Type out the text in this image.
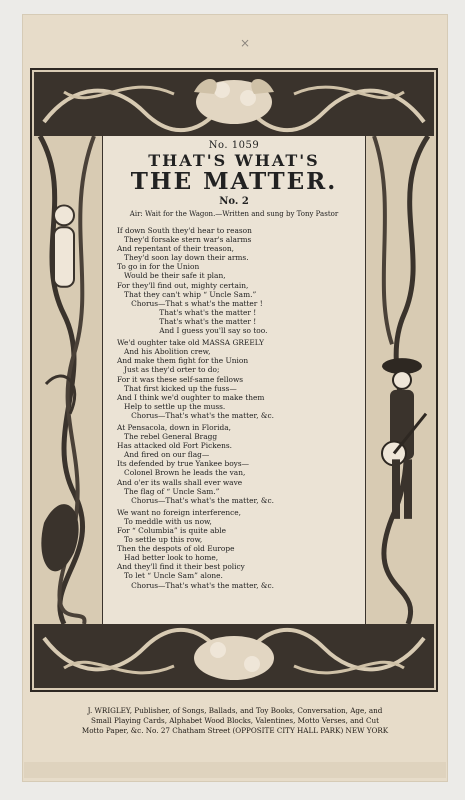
×
No. 1059
THAT'S WHAT'S
THE MATTER.
No. 2
Air: Wait for the Wagon.—Written and sung by Tony Pastor
If down South they'd hear to reason
They'd forsake stern war's alarms
And repentant of their treason,
They'd soon lay down their arms.
To go in for the Union
Would be their safe it plan,
For they'll find out, mighty certain,
That they can't whip “ Uncle Sam.”
Chorus—That s what's the matter !
That's what's the matter !
That's what's the matter !
And I guess you'll say so too.
We'd oughter take old MASSA GREELY
And his Abolition crew,
And make them fight for the Union
Just as they'd orter to do;
For it was these self-same fellows
That first kicked up the fuss—
And I think we'd oughter to make them
Help to settle up the muss.
Chorus—That's what's the matter, &c.
At Pensacola, down in Florida,
The rebel General Bragg
Has attacked old Fort Pickens.
And fired on our flag—
Its defended by true Yankee boys—
Colonel Brown he leads the van,
And o'er its walls shall ever wave
The flag of “ Uncle Sam.”
Chorus—That's what's the matter, &c.
We want no foreign interference,
To meddle with us now,
For “ Columbia” is quite able
To settle up this row,
Then the despots of old Europe
Had better look to home,
And they'll find it their best policy
To let “ Uncle Sam” alone.
Chorus—That's what's the matter, &c.
J. WRIGLEY, Publisher, of Songs, Ballads, and Toy Books, Conversation, Age, and
Small Playing Cards, Alphabet Wood Blocks, Valentines, Motto Verses, and Cut
Motto Paper, &c. No. 27 Chatham Street (OPPOSITE CITY HALL PARK) NEW YORK
